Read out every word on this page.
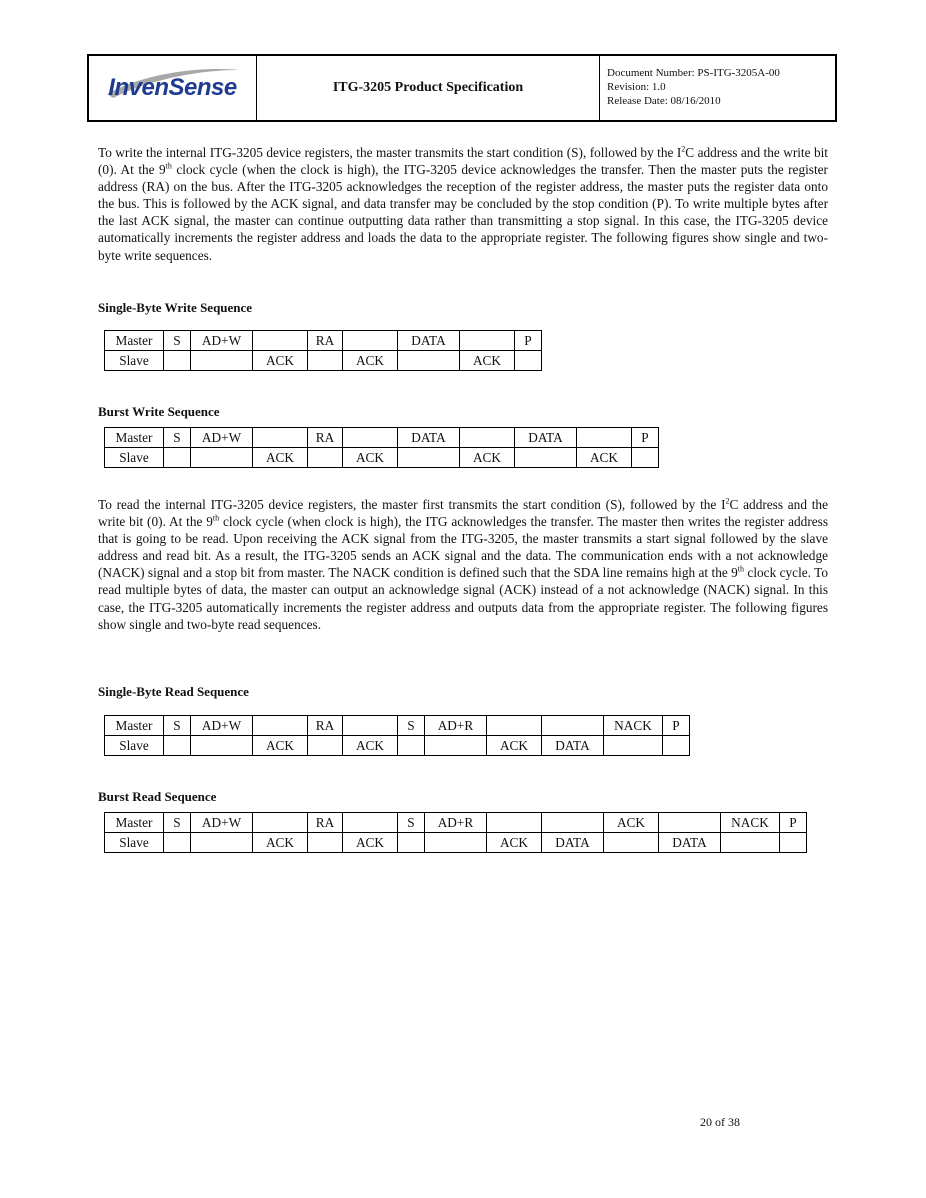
InvenSense	ITG-3205 Product Specification
Document Number: PS-ITG-3205A-00
Revision: 1.0
Release Date: 08/16/2010

To write the internal ITG-3205 device registers, the master transmits the start condition (S), followed by the $I^2C$ address and the write bit (0). At the 9th clock cycle (when the clock is high), the ITG-3205 device acknowledges the transfer. Then the master puts the register address (RA) on the bus. After the ITG-3205 acknowledges the reception of the register address, the master puts the register data onto the bus. This is followed by the ACK signal, and data transfer may be concluded by the stop condition (P). To write multiple bytes after the last ACK signal, the master can continue outputting data rather than transmitting a stop signal. In this case, the ITG-3205 device automatically increments the register address and loads the data to the appropriate register. The following figures show single and two-byte write sequences.

Single-Byte Write Sequence
Master	S	AD+W		RA		DATA		P
Slave			ACK		ACK		ACK	
Burst Write Sequence
Master	S	AD+W		RA		DATA		DATA		P
Slave			ACK		ACK		ACK		ACK	

To read the internal ITG-3205 device registers, the master first transmits the start condition (S), followed by the $I^2C$ address and the write bit (0). At the 9th clock cycle (when clock is high), the ITG acknowledges the transfer. The master then writes the register address that is going to be read. Upon receiving the ACK signal from the ITG-3205, the master transmits a start signal followed by the slave address and read bit. As a result, the ITG-3205 sends an ACK signal and the data. The communication ends with a not acknowledge (NACK) signal and a stop bit from master. The NACK condition is defined such that the SDA line remains high at the 9th clock cycle. To read multiple bytes of data, the master can output an acknowledge signal (ACK) instead of a not acknowledge (NACK) signal. In this case, the ITG-3205 automatically increments the register address and outputs data from the appropriate register. The following figures show single and two-byte read sequences.

Single-Byte Read Sequence
Master	S	AD+W		RA		S	AD+R			NACK	P
Slave			ACK		ACK			ACK	DATA		
Burst Read Sequence
Master	S	AD+W		RA		S	AD+R			ACK		NACK	P
Slave			ACK		ACK			ACK	DATA		DATA		
20 of 38
